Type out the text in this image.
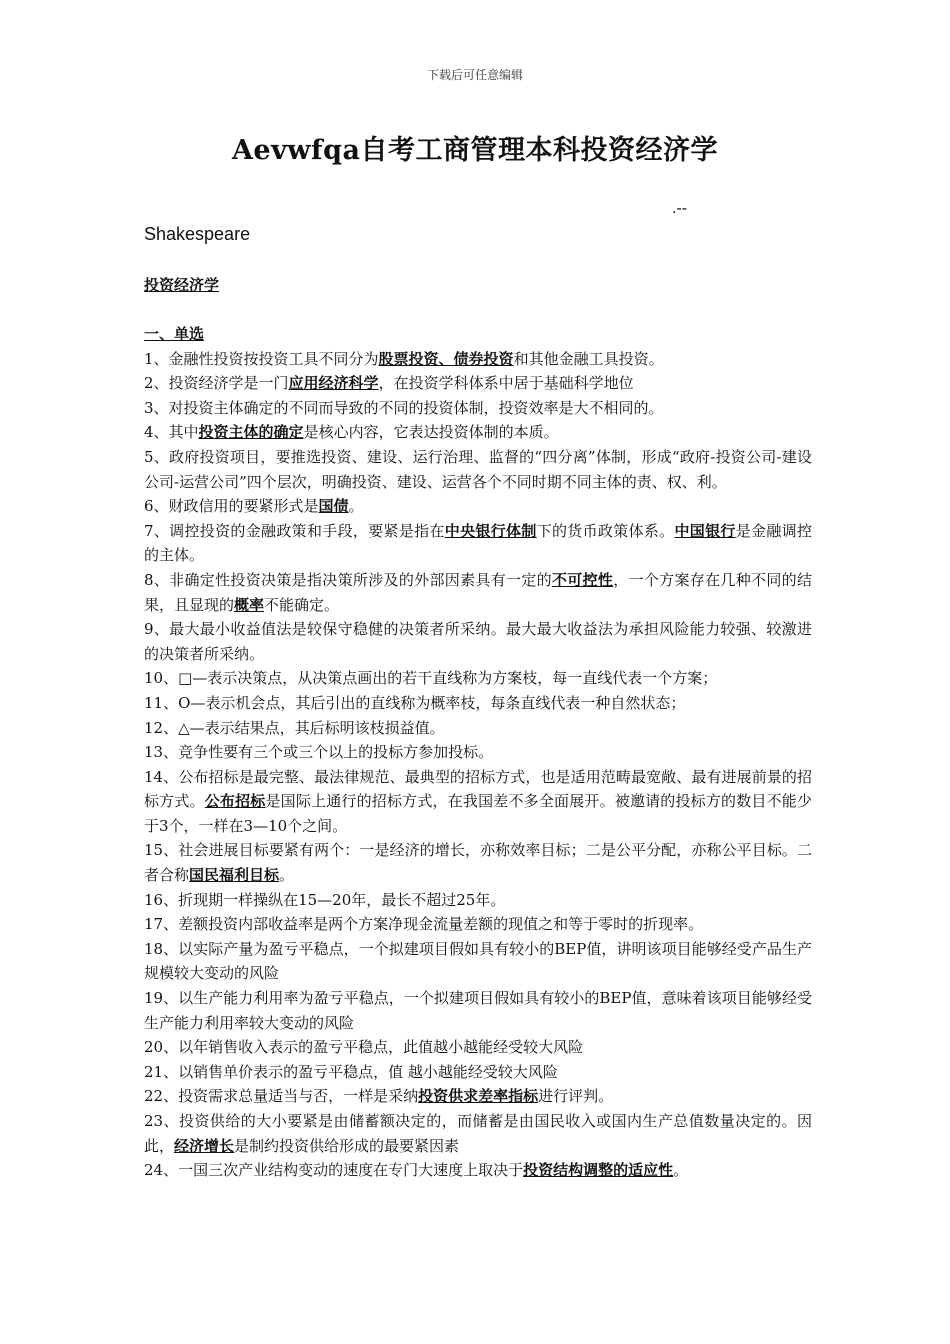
下载后可任意编辑
Aevwfqa自考工商管理本科投资经济学
.--
Shakespeare
投资经济学
一、单选

1、金融性投资按投资工具不同分为股票投资、债券投资和其他金融工具投资。

2、投资经济学是一门应用经济科学，在投资学科体系中居于基础科学地位

3、对投资主体确定的不同而导致的不同的投资体制，投资效率是大不相同的。

4、其中投资主体的确定是核心内容，它表达投资体制的本质。

5、政府投资项目，要推选投资、建设、运行治理、监督的“四分离”体制，形成“政府-投资公司-建设公司-运营公司”四个层次，明确投资、建设、运营各个不同时期不同主体的责、权、利。

6、财政信用的要紧形式是国债。

7、调控投资的金融政策和手段，要紧是指在中央银行体制下的货币政策体系。中国银行是金融调控的主体。

8、非确定性投资决策是指决策所涉及的外部因素具有一定的不可控性，一个方案存在几种不同的结果，且显现的概率不能确定。

9、最大最小收益值法是较保守稳健的决策者所采纳。最大最大收益法为承担风险能力较强、较激进的决策者所采纳。

10、□—表示决策点，从决策点画出的若干直线称为方案枝，每一直线代表一个方案；

11、O—表示机会点，其后引出的直线称为概率枝，每条直线代表一种自然状态；

12、△—表示结果点，其后标明该枝损益值。

13、竞争性要有三个或三个以上的投标方参加投标。

14、公布招标是最完整、最法律规范、最典型的招标方式，也是适用范畴最宽敞、最有进展前景的招标方式。公布招标是国际上通行的招标方式，在我国差不多全面展开。被邀请的投标方的数目不能少于3个，一样在3—10个之间。

15、社会进展目标要紧有两个：一是经济的增长，亦称效率目标；二是公平分配，亦称公平目标。二者合称国民福利目标。

16、折现期一样操纵在15—20年，最长不超过25年。

17、差额投资内部收益率是两个方案净现金流量差额的现值之和等于零时的折现率。

18、以实际产量为盈亏平稳点，一个拟建项目假如具有较小的BEP值，讲明该项目能够经受产品生产规模较大变动的风险

19、以生产能力利用率为盈亏平稳点，一个拟建项目假如具有较小的BEP值，意味着该项目能够经受生产能力利用率较大变动的风险

20、以年销售收入表示的盈亏平稳点，此值越小越能经受较大风险

21、以销售单价表示的盈亏平稳点，值 越小越能经受较大风险

22、投资需求总量适当与否，一样是采纳投资供求差率指标进行评判。

23、投资供给的大小要紧是由储蓄额决定的，而储蓄是由国民收入或国内生产总值数量决定的。因此，经济增长是制约投资供给形成的最要紧因素

24、一国三次产业结构变动的速度在专门大速度上取决于投资结构调整的适应性。
